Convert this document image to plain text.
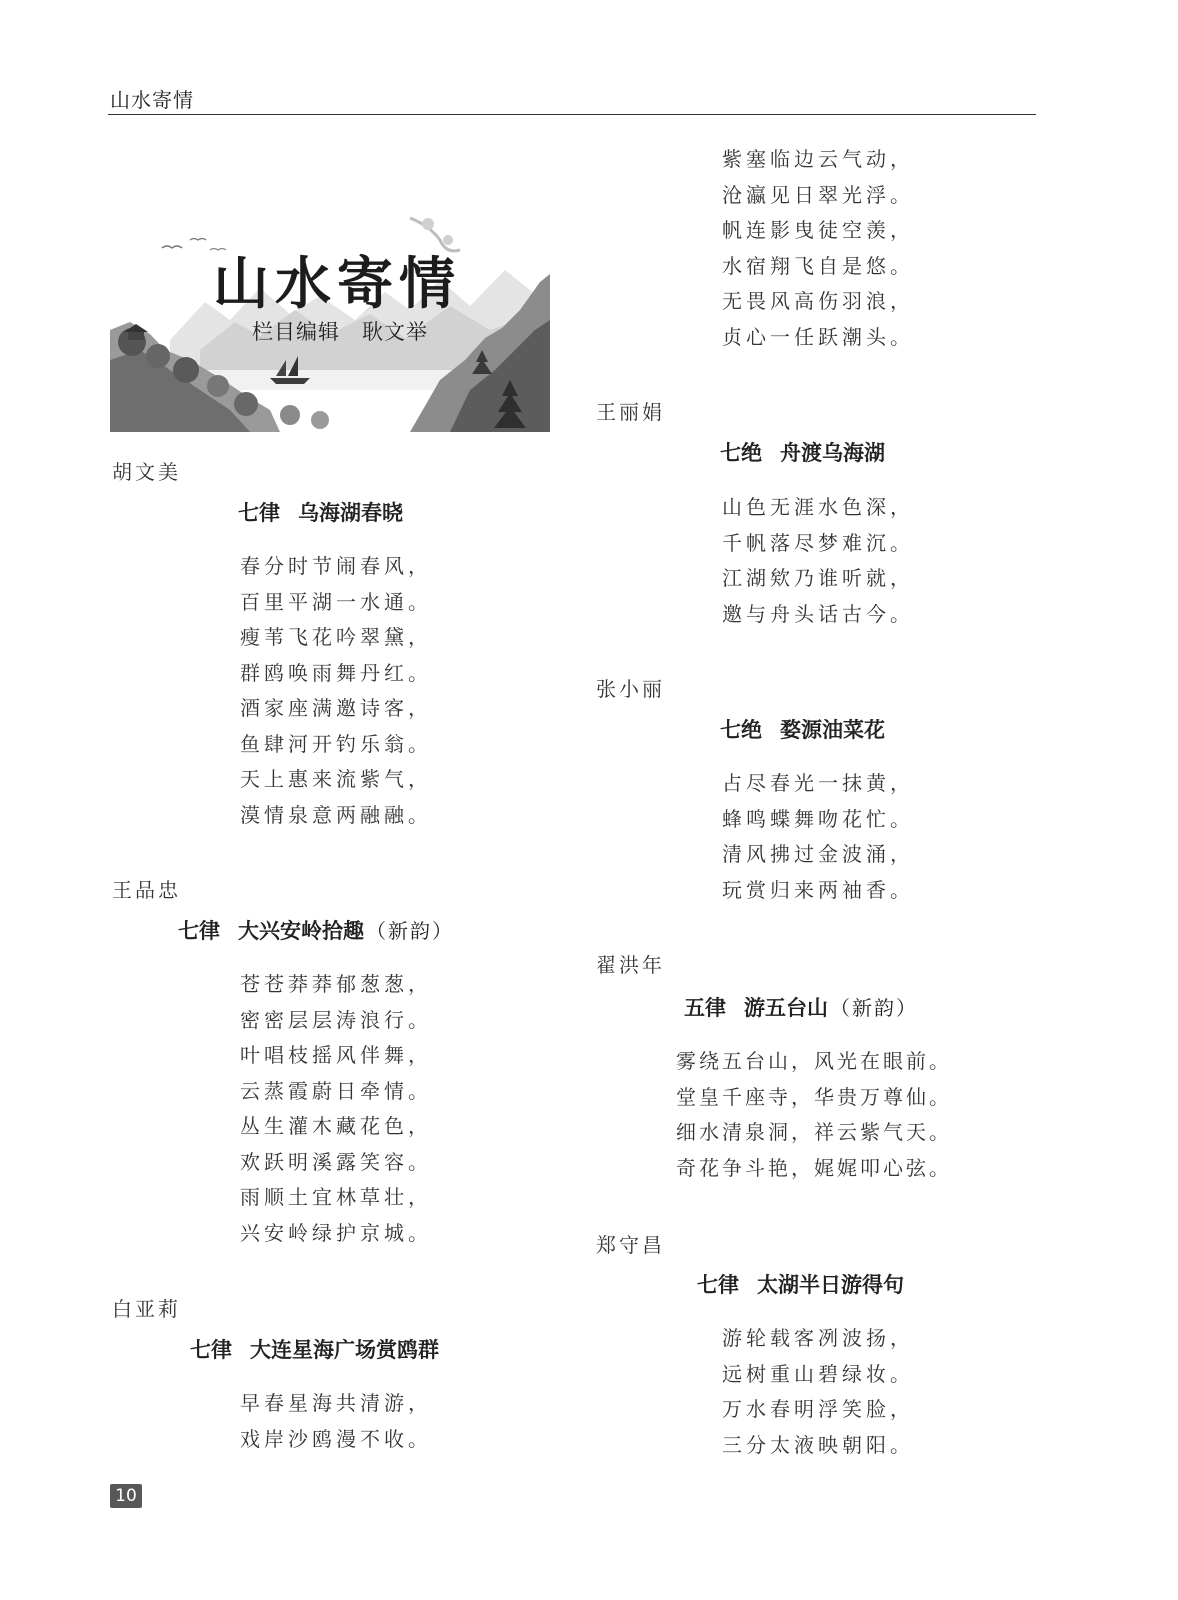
山水寄情
山水寄情
栏目编辑　耿文举
胡文美
七律 乌海湖春晓
春分时节闹春风，
百里平湖一水通。
瘦苇飞花吟翠黛，
群鸥唤雨舞丹红。
酒家座满邀诗客，
鱼肆河开钓乐翁。
天上惠来流紫气，
漠情泉意两融融。
王品忠
七律 大兴安岭拾趣 （新韵）
苍苍莽莽郁葱葱，
密密层层涛浪行。
叶唱枝摇风伴舞，
云蒸霞蔚日牵情。
丛生灌木藏花色，
欢跃明溪露笑容。
雨顺土宜林草壮，
兴安岭绿护京城。
白亚莉
七律 大连星海广场赏鸥群
早春星海共清游，
戏岸沙鸥漫不收。
紫塞临边云气动，
沧瀛见日翠光浮。
帆连影曳徒空羡，
水宿翔飞自是悠。
无畏风高伤羽浪，
贞心一任跃潮头。
王丽娟
七绝 舟渡乌海湖
山色无涯水色深，
千帆落尽梦难沉。
江湖欸乃谁听就，
邀与舟头话古今。
张小丽
七绝 婺源油菜花
占尽春光一抹黄，
蜂鸣蝶舞吻花忙。
清风拂过金波涌，
玩赏归来两袖香。
翟洪年
五律 游五台山 （新韵）
雾绕五台山，风光在眼前。
堂皇千座寺，华贵万尊仙。
细水清泉洞，祥云紫气天。
奇花争斗艳，娓娓叩心弦。
郑守昌
七律 太湖半日游得句
游轮载客冽波扬，
远树重山碧绿妆。
万水春明浮笑脸，
三分太液映朝阳。
10
